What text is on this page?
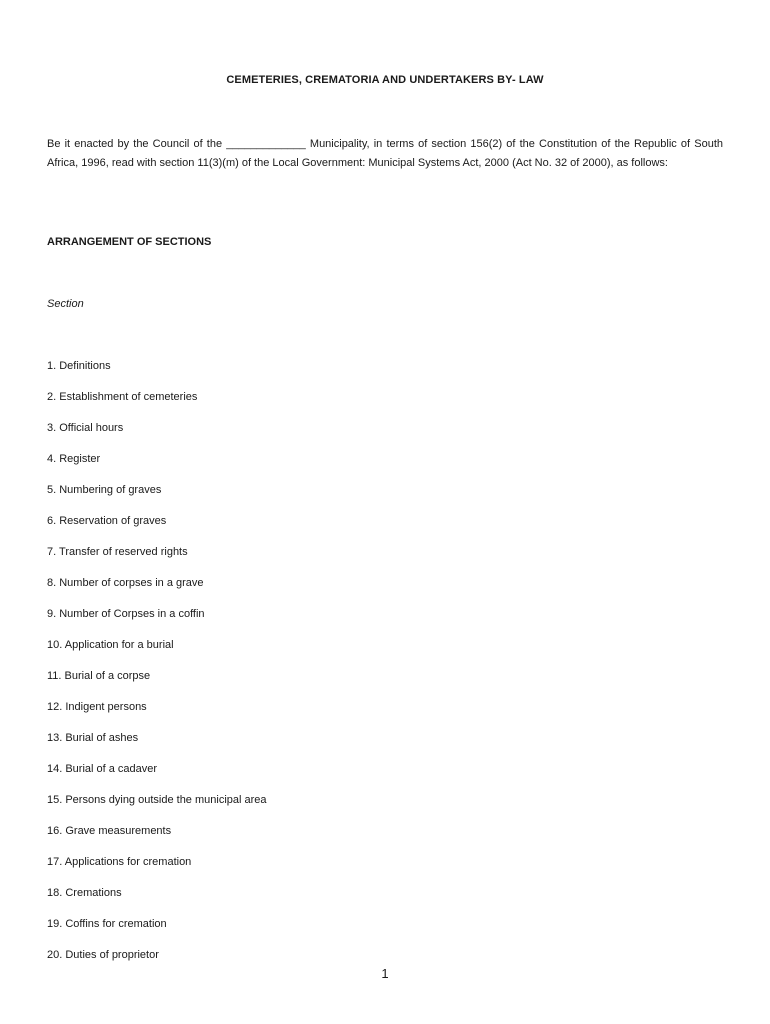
CEMETERIES, CREMATORIA AND UNDERTAKERS BY- LAW
Be it enacted by the Council of the _____________ Municipality, in terms of section 156(2) of the Constitution of the Republic of South Africa, 1996, read with section 11(3)(m) of the Local Government: Municipal Systems Act, 2000 (Act No. 32 of 2000), as follows:
ARRANGEMENT OF SECTIONS
Section
1. Definitions
2. Establishment of cemeteries
3. Official hours
4. Register
5. Numbering of graves
6. Reservation of graves
7. Transfer of reserved rights
8. Number of corpses in a grave
9. Number of Corpses in a coffin
10. Application for a burial
11. Burial of a corpse
12. Indigent persons
13. Burial of ashes
14. Burial of a cadaver
15. Persons dying outside the municipal area
16. Grave measurements
17. Applications for cremation
18. Cremations
19. Coffins for cremation
20. Duties of proprietor
1
